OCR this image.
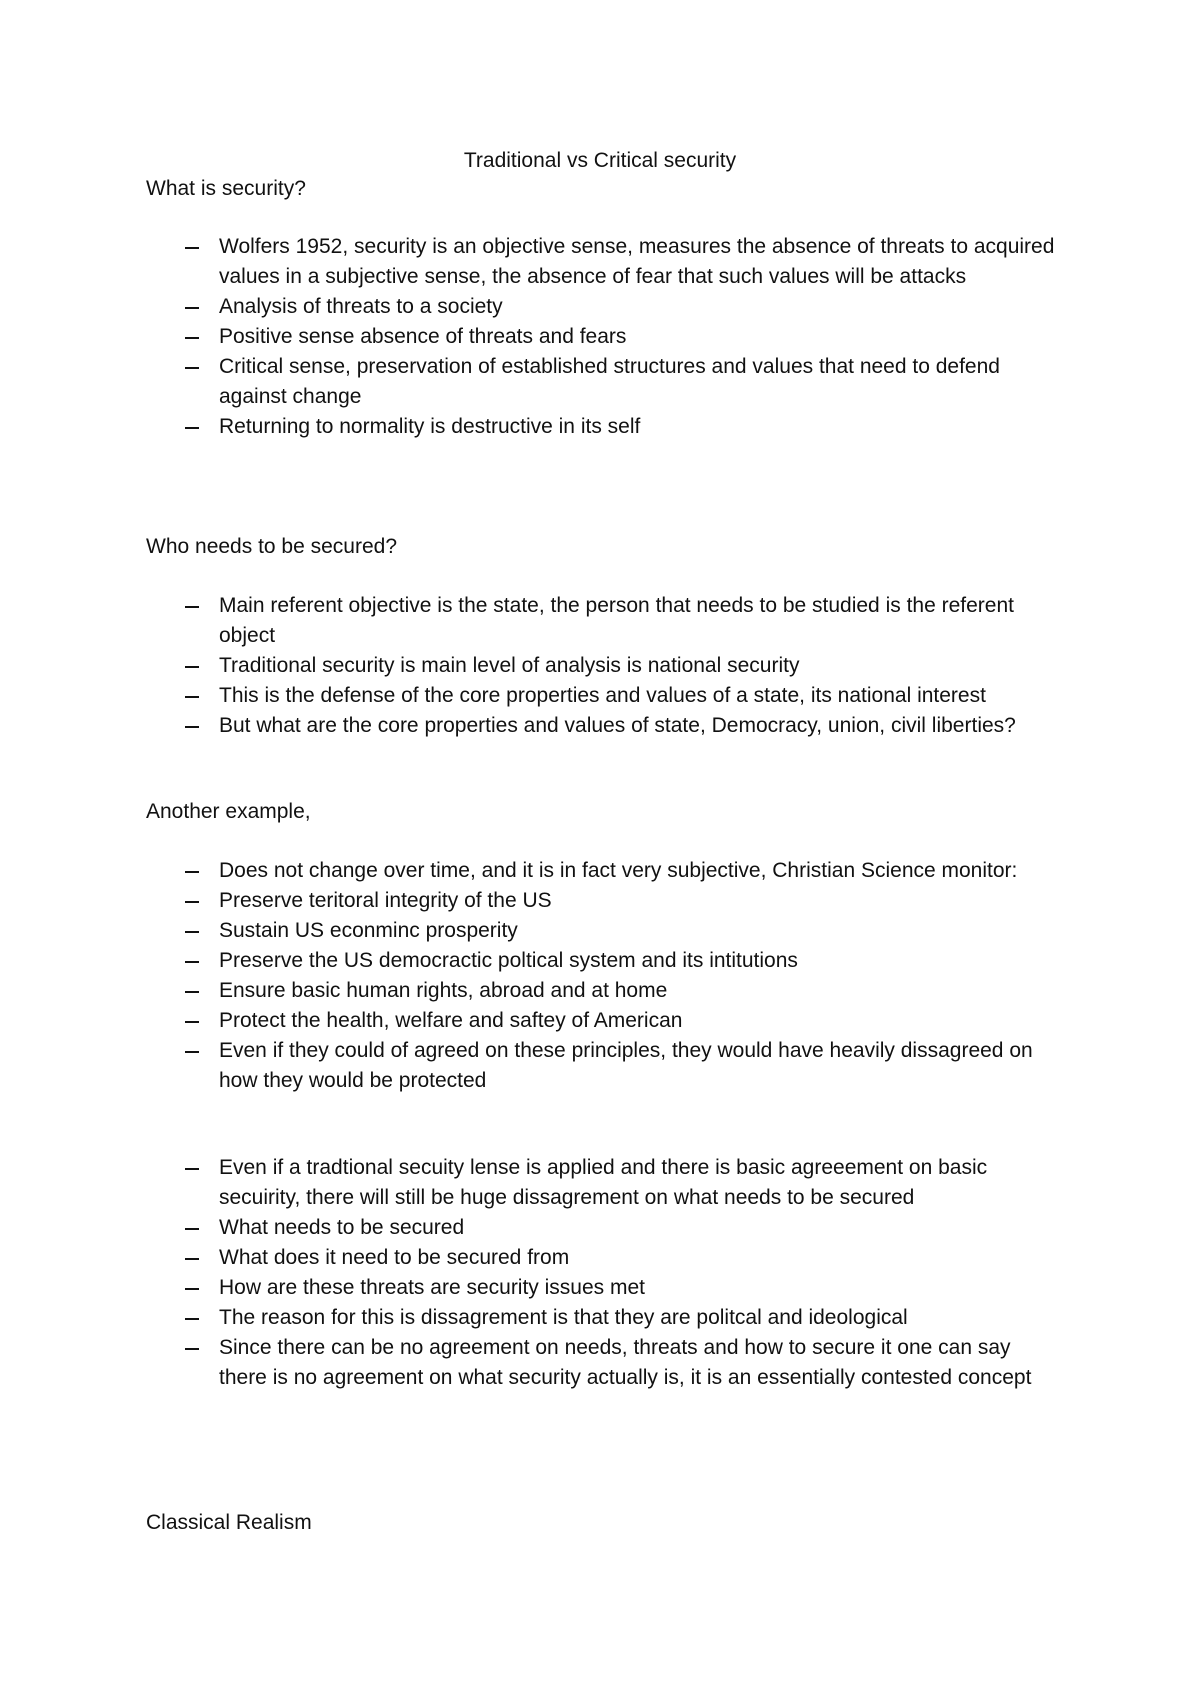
Traditional vs Critical security
What is security?
Wolfers 1952, security is an objective sense, measures the absence of threats to acquired values in a subjective sense, the absence of fear that such values will be attacks
Analysis of threats to a society
Positive sense absence of threats and fears
Critical sense, preservation of established structures and values that need to defend against change
Returning to normality is destructive in its self
Who needs to be secured?
Main referent objective is the state, the person that needs to be studied is the referent object
Traditional security is main level of analysis is national security
This is the defense of the core properties and values of a state, its national interest
But what are the core properties and values of state, Democracy, union, civil liberties?
Another example,
Does not change over time, and it is in fact very subjective, Christian Science monitor:
Preserve teritoral integrity of the US
Sustain US econminc prosperity
Preserve the US democractic poltical system and its intitutions
Ensure basic human rights, abroad and at home
Protect the health, welfare and saftey of American
Even if they could of agreed on these principles, they would have heavily dissagreed on how they would be protected
Even if a tradtional secuity lense is applied and there is basic agreeement on basic secuirity, there will still be huge dissagrement on what needs to be secured
What needs to be secured
What does it need to be secured from
How are these threats are security issues met
The reason for this is dissagrement is that they are politcal and ideological
Since there can be no agreement on needs, threats and how to secure it one can say there is no agreement on what security actually is, it is an essentially contested concept
Classical Realism
